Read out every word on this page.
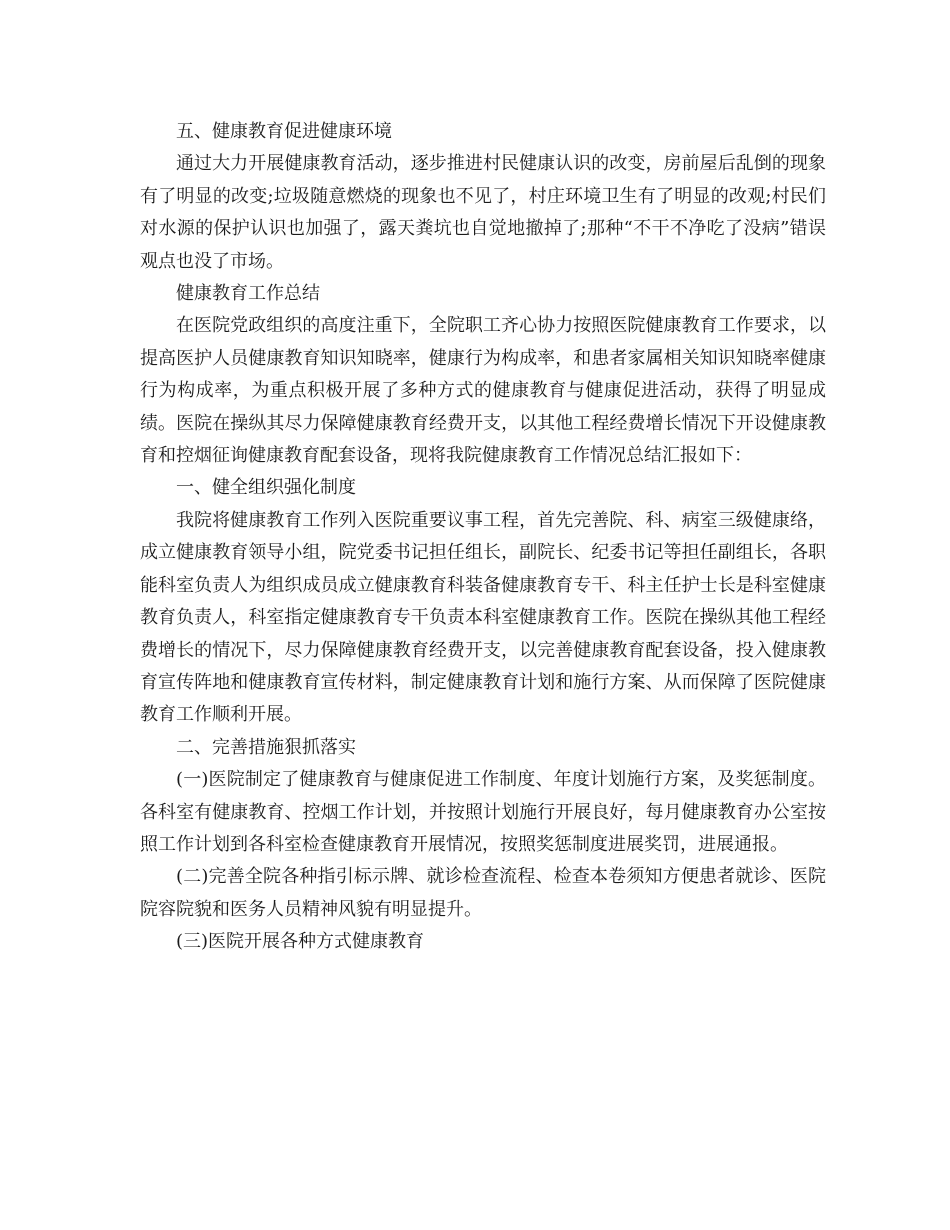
五、健康教育促进健康环境

通过大力开展健康教育活动，逐步推进村民健康认识的改变，房前屋后乱倒的现象有了明显的改变;垃圾随意燃烧的现象也不见了，村庄环境卫生有了明显的改观;村民们对水源的保护认识也加强了，露天粪坑也自觉地撤掉了;那种“不干不净吃了没病”错误观点也没了市场。

健康教育工作总结

在医院党政组织的高度注重下，全院职工齐心协力按照医院健康教育工作要求，以提高医护人员健康教育知识知晓率，健康行为构成率，和患者家属相关知识知晓率健康行为构成率，为重点积极开展了多种方式的健康教育与健康促进活动，获得了明显成绩。医院在操纵其尽力保障健康教育经费开支，以其他工程经费增长情况下开设健康教育和控烟征询健康教育配套设备，现将我院健康教育工作情况总结汇报如下：

一、健全组织强化制度

我院将健康教育工作列入医院重要议事工程，首先完善院、科、病室三级健康络，成立健康教育领导小组，院党委书记担任组长，副院长、纪委书记等担任副组长，各职能科室负责人为组织成员成立健康教育科装备健康教育专干、科主任护士长是科室健康教育负责人，科室指定健康教育专干负责本科室健康教育工作。医院在操纵其他工程经费增长的情况下，尽力保障健康教育经费开支，以完善健康教育配套设备，投入健康教育宣传阵地和健康教育宣传材料，制定健康教育计划和施行方案、从而保障了医院健康教育工作顺利开展。

二、完善措施狠抓落实

(一)医院制定了健康教育与健康促进工作制度、年度计划施行方案，及奖惩制度。各科室有健康教育、控烟工作计划，并按照计划施行开展良好，每月健康教育办公室按照工作计划到各科室检查健康教育开展情况，按照奖惩制度进展奖罚，进展通报。

(二)完善全院各种指引标示牌、就诊检查流程、检查本卷须知方便患者就诊、医院院容院貌和医务人员精神风貌有明显提升。

(三)医院开展各种方式健康教育
